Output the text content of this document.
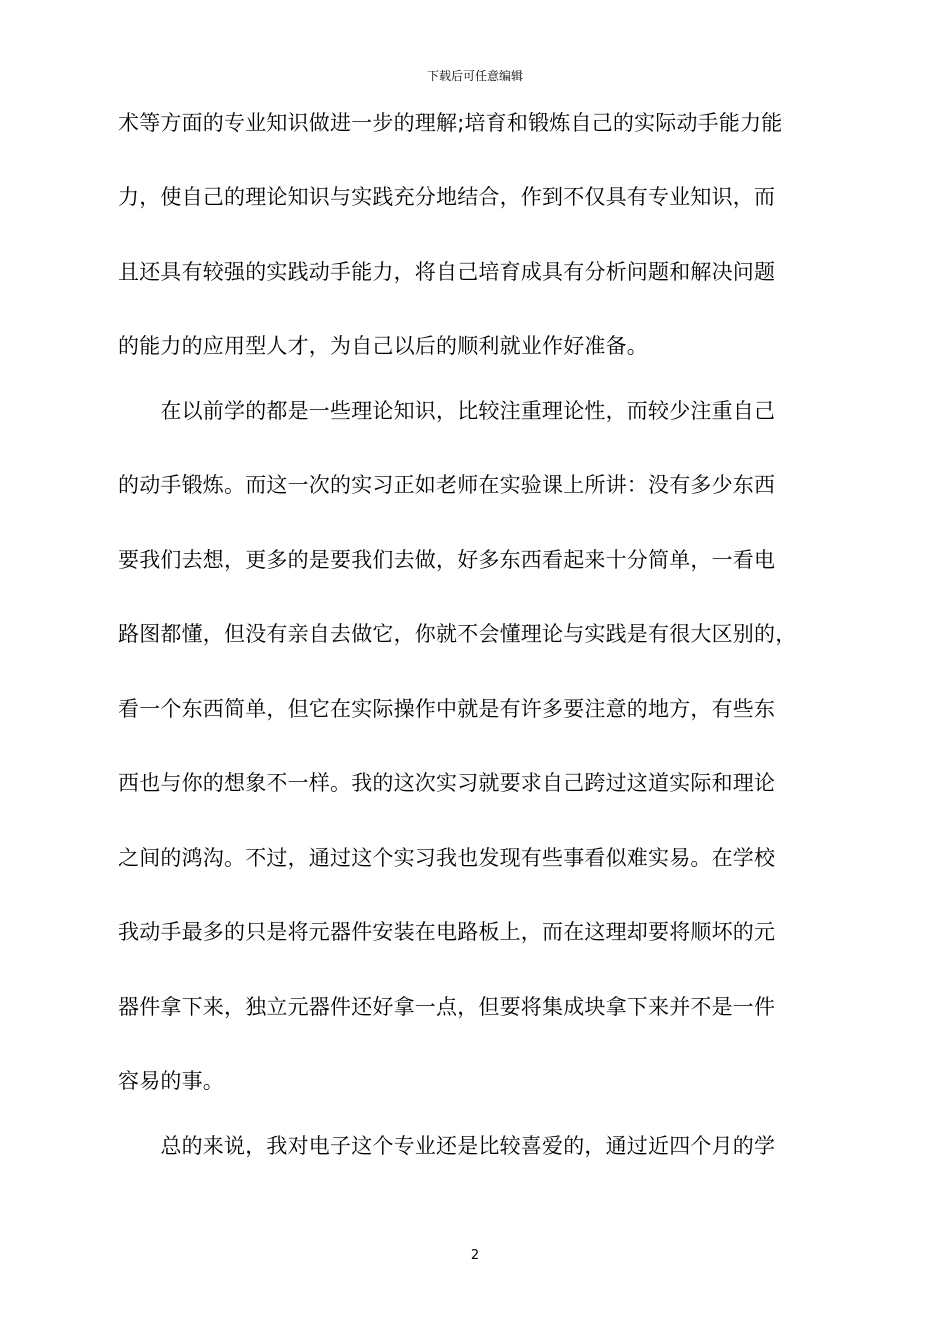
下载后可任意编辑
术等方面的专业知识做进一步的理解;培育和锻炼自己的实际动手能力能
力，使自己的理论知识与实践充分地结合，作到不仅具有专业知识，而
且还具有较强的实践动手能力，将自己培育成具有分析问题和解决问题
的能力的应用型人才，为自己以后的顺利就业作好准备。
　　在以前学的都是一些理论知识，比较注重理论性，而较少注重自己
的动手锻炼。而这一次的实习正如老师在实验课上所讲：没有多少东西
要我们去想，更多的是要我们去做，好多东西看起来十分简单，一看电
路图都懂，但没有亲自去做它，你就不会懂理论与实践是有很大区别的，
看一个东西简单，但它在实际操作中就是有许多要注意的地方，有些东
西也与你的想象不一样。我的这次实习就要求自己跨过这道实际和理论
之间的鸿沟。不过，通过这个实习我也发现有些事看似难实易。在学校
我动手最多的只是将元器件安装在电路板上，而在这理却要将顺坏的元
器件拿下来，独立元器件还好拿一点，但要将集成块拿下来并不是一件
容易的事。
　　总的来说，我对电子这个专业还是比较喜爱的，通过近四个月的学
2
